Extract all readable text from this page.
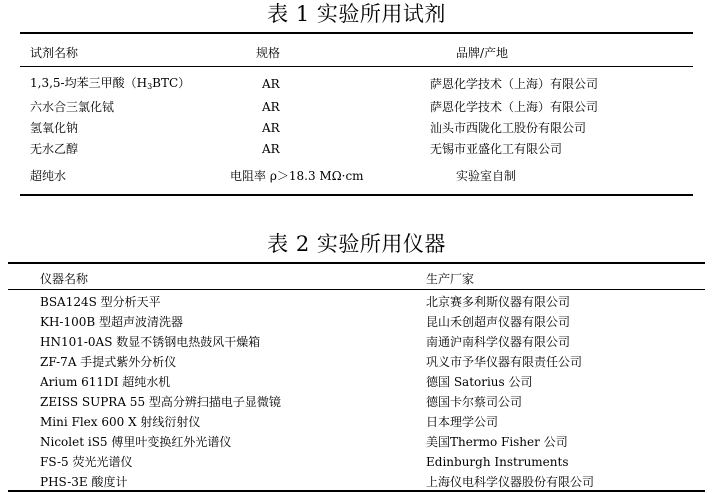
表 1 实验所用试剂
试剂名称	规格	品牌/产地
1,3,5-均苯三甲酸$(H_3BTC)$	AR	萨恩化学技术（上海）有限公司
六水合三氯化铽	AR	萨恩化学技术（上海）有限公司
氢氧化钠	AR	汕头市西陇化工股份有限公司
无水乙醇	AR	无锡市亚盛化工有限公司
超纯水	电阻率 ρ＞18.3 MΩ·cm	实验室自制
表 2 实验所用仪器
仪器名称	生产厂家
BSA124S 型分析天平	北京赛多利斯仪器有限公司
KH-100B 型超声波清洗器	昆山禾创超声仪器有限公司
HN101-0AS 数显不锈钢电热鼓风干燥箱	南通沪南科学仪器有限公司
ZF-7A 手提式紫外分析仪	巩义市予华仪器有限责任公司
Arium 611DI 超纯水机	德国 Satorius 公司
ZEISS SUPRA 55 型高分辨扫描电子显微镜	德国卡尔蔡司公司
Mini Flex 600 X 射线衍射仪	日本理学公司
Nicolet iS5 傅里叶变换红外光谱仪	美国Thermo Fisher 公司
FS-5 荧光光谱仪	Edinburgh Instruments
PHS-3E 酸度计	上海仪电科学仪器股份有限公司
